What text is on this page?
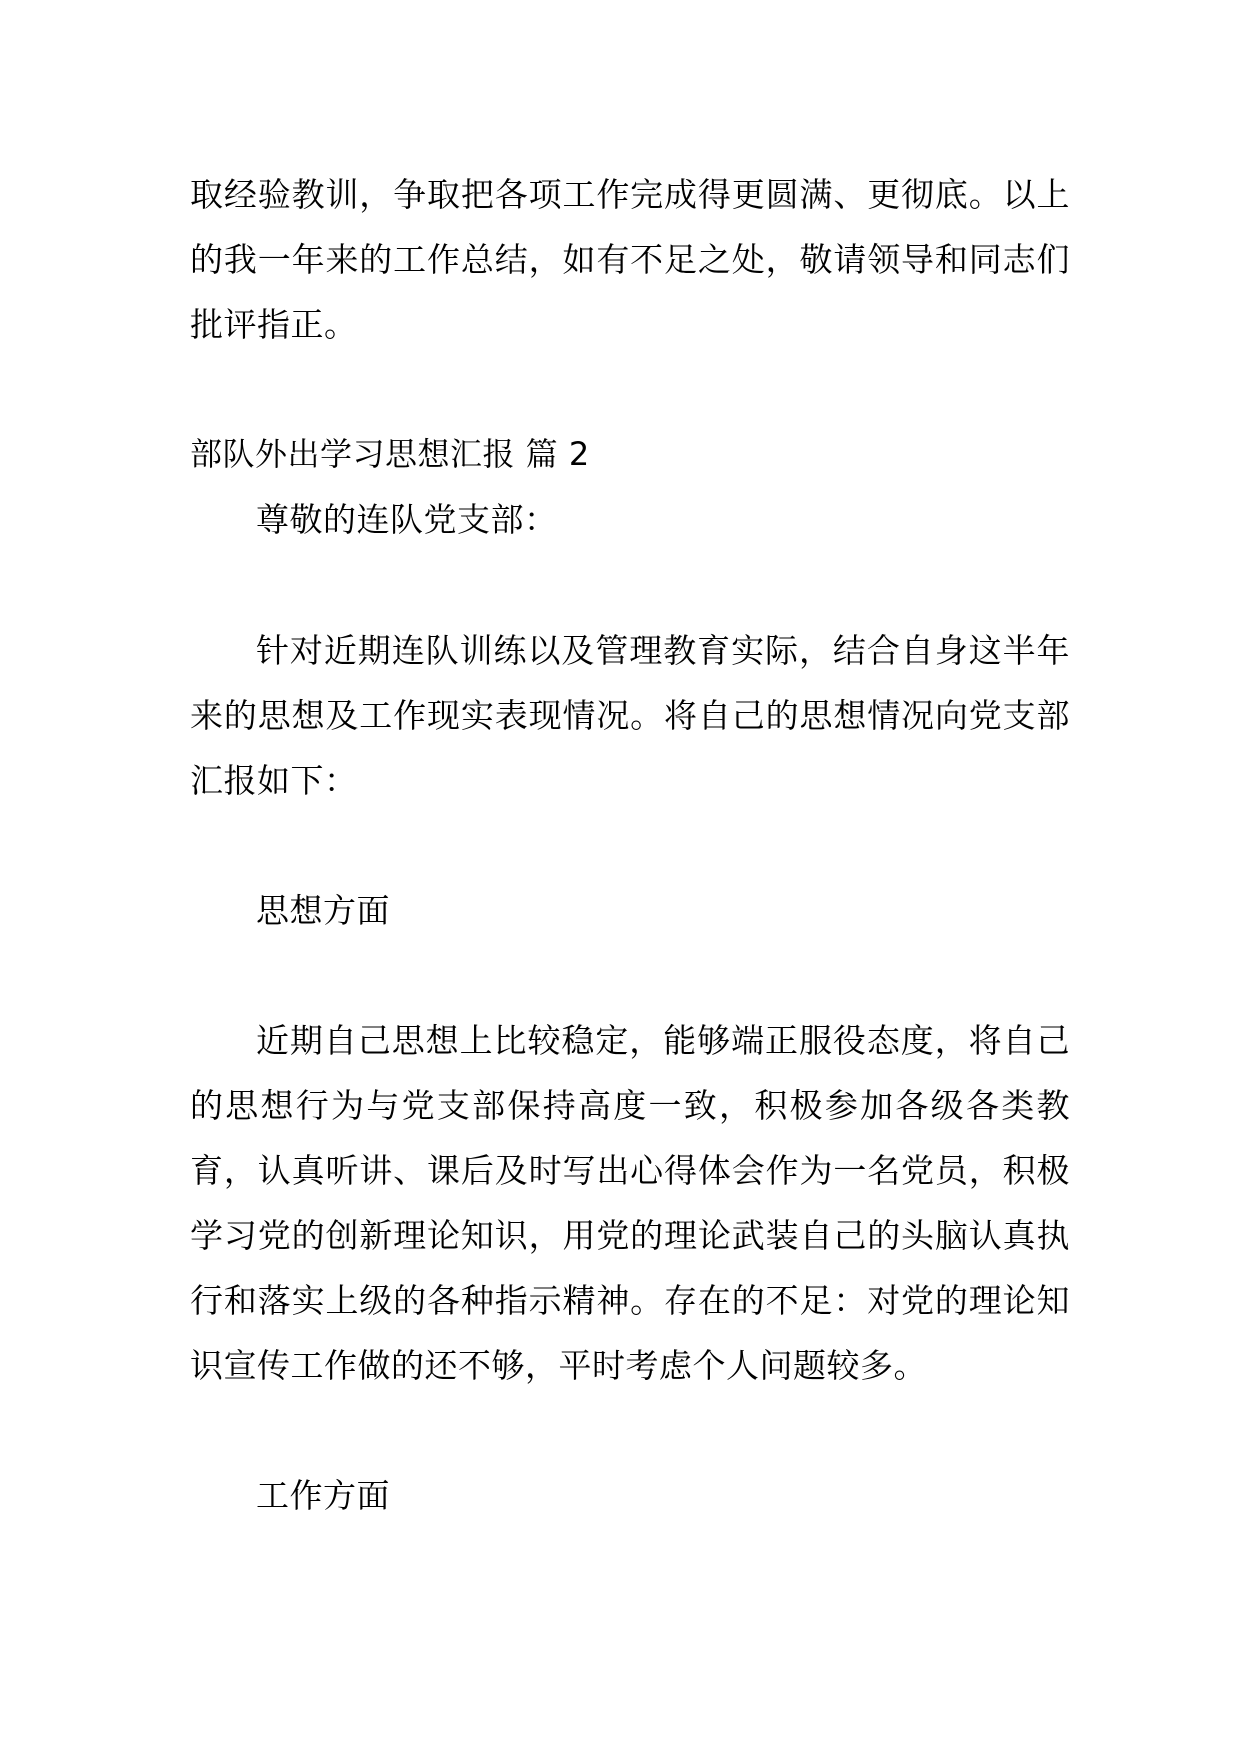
取经验教训，争取把各项工作完成得更圆满、更彻底。以上的我一年来的工作总结，如有不足之处，敬请领导和同志们批评指正。

部队外出学习思想汇报 篇 2

尊敬的连队党支部：

针对近期连队训练以及管理教育实际，结合自身这半年来的思想及工作现实表现情况。将自己的思想情况向党支部汇报如下：

思想方面

近期自己思想上比较稳定，能够端正服役态度，将自己的思想行为与党支部保持高度一致，积极参加各级各类教育，认真听讲、课后及时写出心得体会作为一名党员，积极学习党的创新理论知识，用党的理论武装自己的头脑认真执行和落实上级的各种指示精神。存在的不足：对党的理论知识宣传工作做的还不够，平时考虑个人问题较多。

工作方面
